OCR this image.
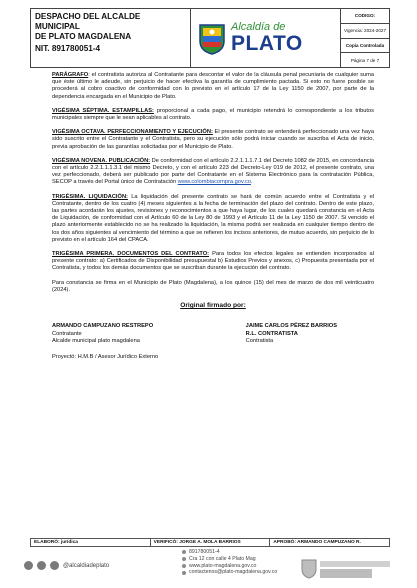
DESPACHO DEL ALCALDE MUNICIPAL
DE PLATO MAGDALENA
NIT. 891780051-4
Alcaldía de
PLATO
CODIGO:
Vigencia: 2024-2027
Copia Controlada
Página 7 de 7

PARÁGRAFO: el contratista autoriza al Contratante para descontar el valor de la cláusula penal pecuniaria de cualquier suma que éste último le adeude, sin perjuicio de hacer efectiva la garantía de cumplimiento pactada. Si esto no fuere posible se procederá al cobro coactivo de conformidad con lo previsto en el artículo 17 de la Ley 1150 de 2007, por parte de la dependencia encargada en el Municipio de Plato.

VIGÉSIMA SÉPTIMA. ESTAMPILLAS: proporcional a cada pago, el municipio retendrá lo correspondiente a los tributos municipales siempre que le sean aplicables al contrato.

VIGÉSIMA OCTAVA. PERFECCIONAMIENTO Y EJECUCIÓN: El presente contrato se entenderá perfeccionado una vez haya sido suscrito entre el Contratante y el Contratista, pero su ejecución sólo podrá iniciar cuando se suscriba el Acta de inicio, previa aprobación de las garantías solicitadas por el Municipio de Plato.

VIGÉSIMA NOVENA. PUBLICACIÓN: De conformidad con el artículo 2.2.1.1.1.7.1 del Decreto 1082 de 2015, en concordancia con el artículo 2.2.1.1.1.3.1 del mismo Decreto, y con el artículo 223 del Decreto-Ley 019 de 2012, el presente contrato, una vez perfeccionado, deberá ser publicado por parte del Contratante en el Sistema Electrónico para la contratación Pública, SECOP a través del Portal único de Contratación www.colombiacompra.gov.co.

TRIGÉSIMA. LIQUIDACIÓN: La liquidación del presente contrato se hará de común acuerdo entre el Contratista y el Contratante, dentro de los cuatro (4) meses siguientes a la fecha de terminación del plazo del contrato. Dentro de este plazo, las partes acordarán los ajustes, revisiones y reconocimientos a que haya lugar, de los cuales quedará constancia en el Acta de Liquidación, de conformidad con el Artículo 60 de la Ley 80 de 1993 y el Artículo 11 de la Ley 1150 de 2007. Si vencido el plazo anteriormente establecido no se ha realizado la liquidación, la misma podrá ser realizada en cualquier tiempo dentro de los dos años siguientes al vencimiento del término a que se refieren los incisos anteriores, de mutuo acuerdo, sin perjuicio de lo previsto en el artículo 164 del CPACA.

TRIGÉSIMA PRIMERA. DOCUMENTOS DEL CONTRATO: Para todos los efectos legales se entienden incorporados al presente contrato: a) Certificados de Disponibilidad presupuestal b) Estudios Previos y anexos, c) Propuesta presentada por el Contratista, y todos los demás documentos que se suscriban durante la ejecución del contrato.

Para constancia se firma en el Municipio de Plato (Magdalena), a los quince (15) del mes de marzo de dos mil veinticuatro (2024).

Original firmado por:
ARMANDO CAMPUZANO RESTREPO
Contratante
Alcalde municipal plato magdalena
JAIME CARLOS PÉREZ BARRIOS
R.L. CONTRATISTA
Contratista
Proyectó: H.M.B / Asesor Jurídico Externo
ELABORÓ: jurídica	VERIFICÓ: JORGE A. MOLA BARRIOS	APROBÓ: ARMANDO CAMPUZANO R.
@alcaldiadeplato
891780051-4
Cra 12 con calle 4 Plato Mag
www.plato-magdalena.gov.co
contactenos@plato-magdalena.gov.co
